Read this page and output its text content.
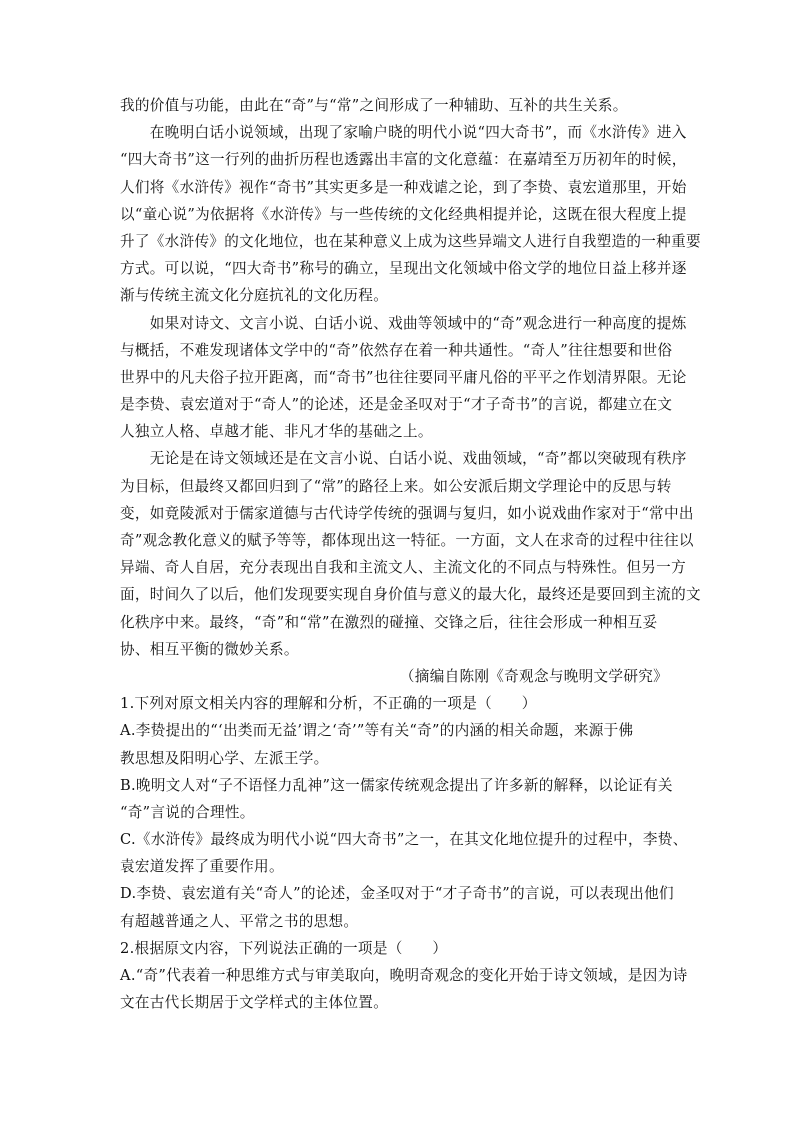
我的价值与功能，由此在“奇”与“常”之间形成了一种辅助、互补的共生关系。
　　在晚明白话小说领域，出现了家喻户晓的明代小说“四大奇书”，而《水浒传》进入
“四大奇书”这一行列的曲折历程也透露出丰富的文化意蕴：在嘉靖至万历初年的时候，
人们将《水浒传》视作“奇书”其实更多是一种戏谑之论，到了李贽、袁宏道那里，开始
以“童心说”为依据将《水浒传》与一些传统的文化经典相提并论，这既在很大程度上提
升了《水浒传》的文化地位，也在某种意义上成为这些异端文人进行自我塑造的一种重要
方式。可以说，“四大奇书”称号的确立，呈现出文化领域中俗文学的地位日益上移并逐
渐与传统主流文化分庭抗礼的文化历程。
　　如果对诗文、文言小说、白话小说、戏曲等领域中的“奇”观念进行一种高度的提炼
与概括，不难发现诸体文学中的“奇”依然存在着一种共通性。“奇人”往往想要和世俗
世界中的凡夫俗子拉开距离，而“奇书”也往往要同平庸凡俗的平平之作划清界限。无论
是李贽、袁宏道对于“奇人”的论述，还是金圣叹对于“才子奇书”的言说，都建立在文
人独立人格、卓越才能、非凡才华的基础之上。
　　无论是在诗文领域还是在文言小说、白话小说、戏曲领域，“奇”都以突破现有秩序
为目标，但最终又都回归到了“常”的路径上来。如公安派后期文学理论中的反思与转
变，如竟陵派对于儒家道德与古代诗学传统的强调与复归，如小说戏曲作家对于“常中出
奇”观念教化意义的赋予等等，都体现出这一特征。一方面，文人在求奇的过程中往往以
异端、奇人自居，充分表现出自我和主流文人、主流文化的不同点与特殊性。但另一方
面，时间久了以后，他们发现要实现自身价值与意义的最大化，最终还是要回到主流的文
化秩序中来。最终，“奇”和“常”在激烈的碰撞、交锋之后，往往会形成一种相互妥
协、相互平衡的微妙关系。
（摘编自陈刚《奇观念与晚明文学研究》
1.下列对原文相关内容的理解和分析，不正确的一项是（　　）
A.李贽提出的“‘出类而无益’谓之‘奇’”等有关“奇”的内涵的相关命题，来源于佛
教思想及阳明心学、左派王学。
B.晚明文人对“子不语怪力乱神”这一儒家传统观念提出了许多新的解释，以论证有关
“奇”言说的合理性。
C.《水浒传》最终成为明代小说“四大奇书”之一，在其文化地位提升的过程中，李贽、
袁宏道发挥了重要作用。
D.李贽、袁宏道有关“奇人”的论述，金圣叹对于“才子奇书”的言说，可以表现出他们
有超越普通之人、平常之书的思想。
2.根据原文内容，下列说法正确的一项是（　　）
A.“奇”代表着一种思维方式与审美取向，晚明奇观念的变化开始于诗文领域，是因为诗
文在古代长期居于文学样式的主体位置。
